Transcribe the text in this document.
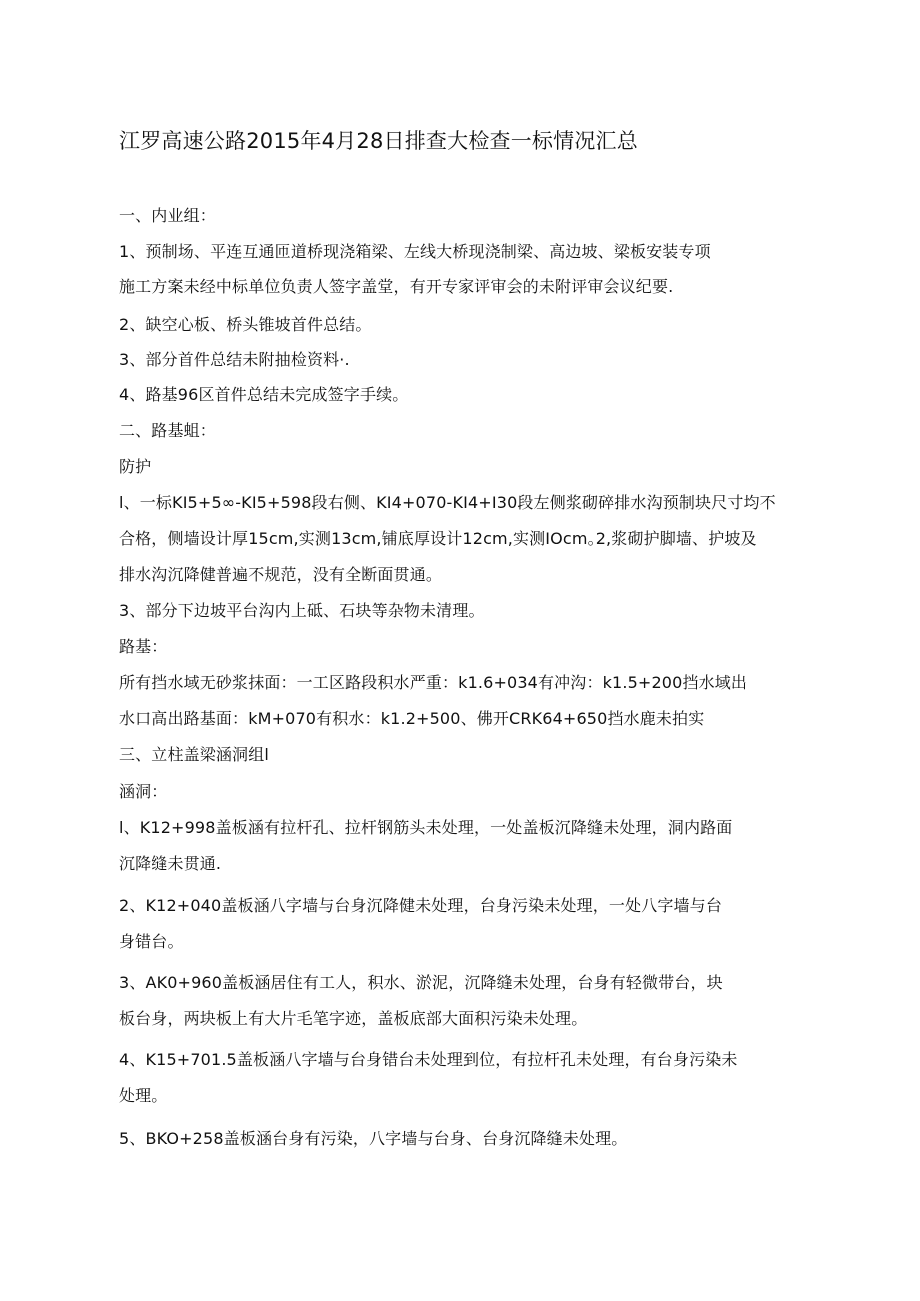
江罗高速公路2015年4月28日排查大检查一标情况汇总
一、内业组：
1、预制场、平连互通匝道桥现浇箱梁、左线大桥现浇制梁、高边坡、梁板安装专项
施工方案未经中标单位负责人签字盖堂，有开专家评审会的未附评审会议纪要.
2、缺空心板、桥头锥坡首件总结。
3、部分首件总结未附抽检资料·.
4、路基96区首件总结未完成签字手续。
二、路基蛆：
防护
l、一标KI5+5∞-KI5+598段右侧、KI4+070-KI4+I30段左侧浆砌碎排水沟预制块尺寸均不
合格，侧墙设计厚15cm,实测13cm,铺底厚设计12cm,实测IOcm｡2,浆砌护脚墙、护坡及
排水沟沉降健普遍不规范，没有全断面贯通。
3、部分下边坡平台沟内上砥、石块等杂物未清理。
路基：
所有挡水域无砂浆抹面：一工区路段积水严重：k1.6+034有冲沟：k1.5+200挡水域出
水口高出路基面：kM+070有积水：k1.2+500、佛开CRK64+650挡水鹿未拍实
三、立柱盖梁涵洞组l
涵洞：
l、K12+998盖板涵有拉杆孔、拉杆钢筋头未处理，一处盖板沉降缝未处理，洞内路面
沉降缝未贯通.
2、K12+040盖板涵八字墙与台身沉降健未处理，台身污染未处理，一处八字墙与台
身错台。
3、AK0+960盖板涵居住有工人，积水、淤泥，沉降缝未处理，台身有轻微带台，块
板台身，两块板上有大片毛笔字迹，盖板底部大面积污染未处理。
4、K15+701.5盖板涵八字墙与台身错台未处理到位，有拉杆孔未处理，有台身污染未
处理。
5、BKO+258盖板涵台身有污染，八字墙与台身、台身沉降缝未处理。
